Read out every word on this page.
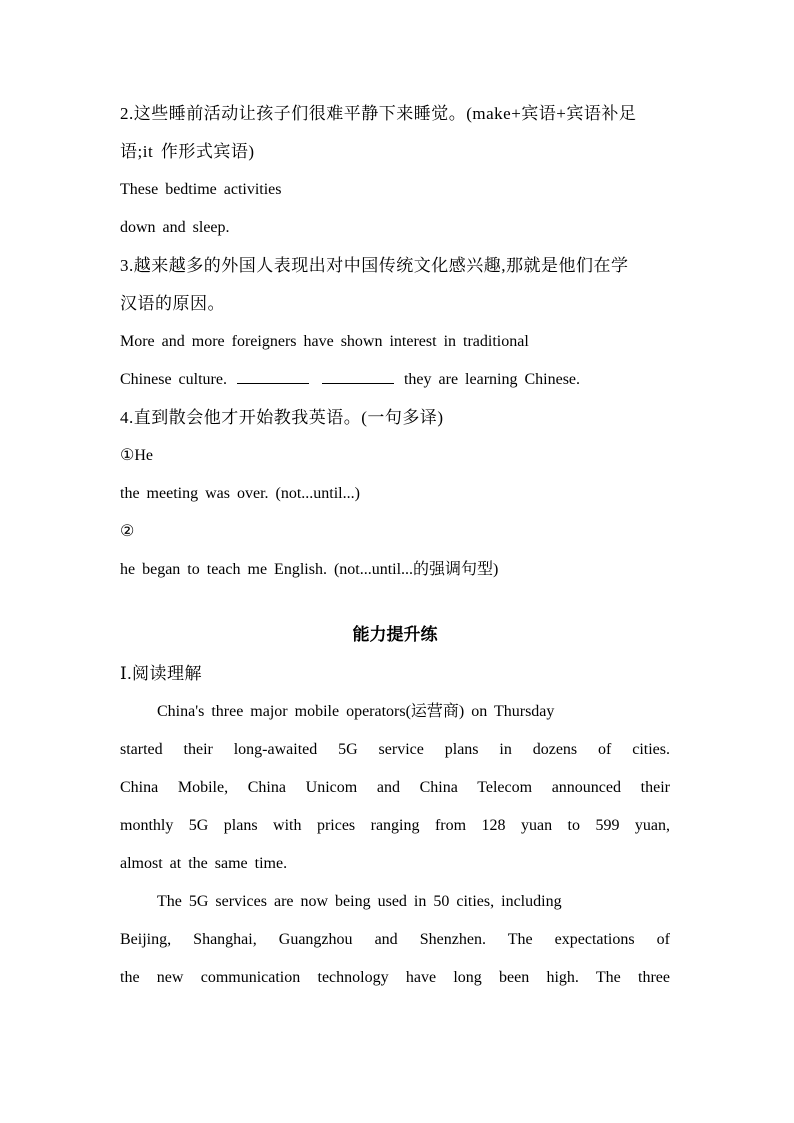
2.这些睡前活动让孩子们很难平静下来睡觉。(make+宾语+宾语补足
语;it 作形式宾语)
These bedtime activities
down and sleep.
3.越来越多的外国人表现出对中国传统文化感兴趣,那就是他们在学
汉语的原因。
More and more foreigners have shown interest in traditional
Chinese culture.	they are learning Chinese.
4.直到散会他才开始教我英语。(一句多译)
①He
the meeting was over. (not...until...)
②
he began to teach me English. (not...until...的强调句型)
能力提升练
Ⅰ.阅读理解
China's three major mobile operators(运营商) on Thursday
started their long-awaited 5G service plans in dozens of cities.
China Mobile, China Unicom and China Telecom announced their
monthly 5G plans with prices ranging from 128 yuan to 599 yuan,
almost at the same time.
The 5G services are now being used in 50 cities, including
Beijing, Shanghai, Guangzhou and Shenzhen. The expectations of
the new communication technology have long been high. The three
